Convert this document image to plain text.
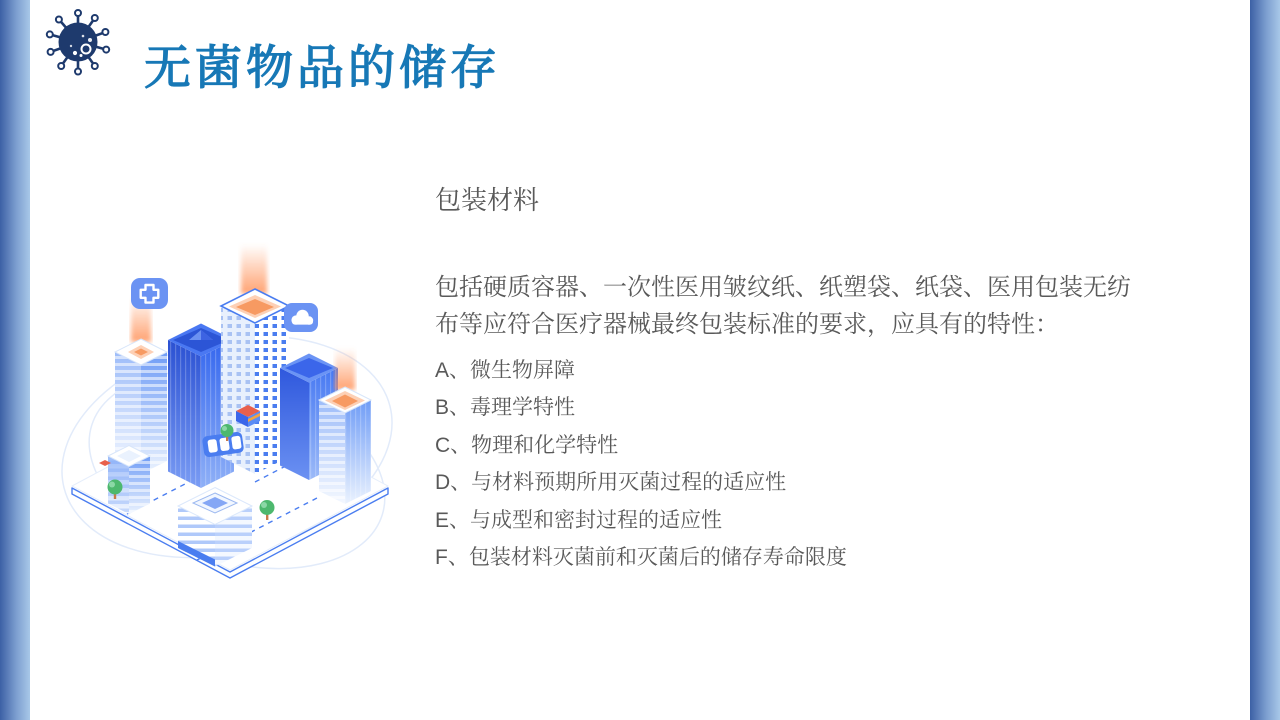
无菌物品的储存
包装材料
包括硬质容器、一次性医用皱纹纸、纸塑袋、纸袋、医用包装无纺
布等应符合医疗器械最终包装标准的要求，应具有的特性：
A、微生物屏障
B、毒理学特性
C、物理和化学特性
D、与材料预期所用灭菌过程的适应性
E、与成型和密封过程的适应性
F、包装材料灭菌前和灭菌后的储存寿命限度
